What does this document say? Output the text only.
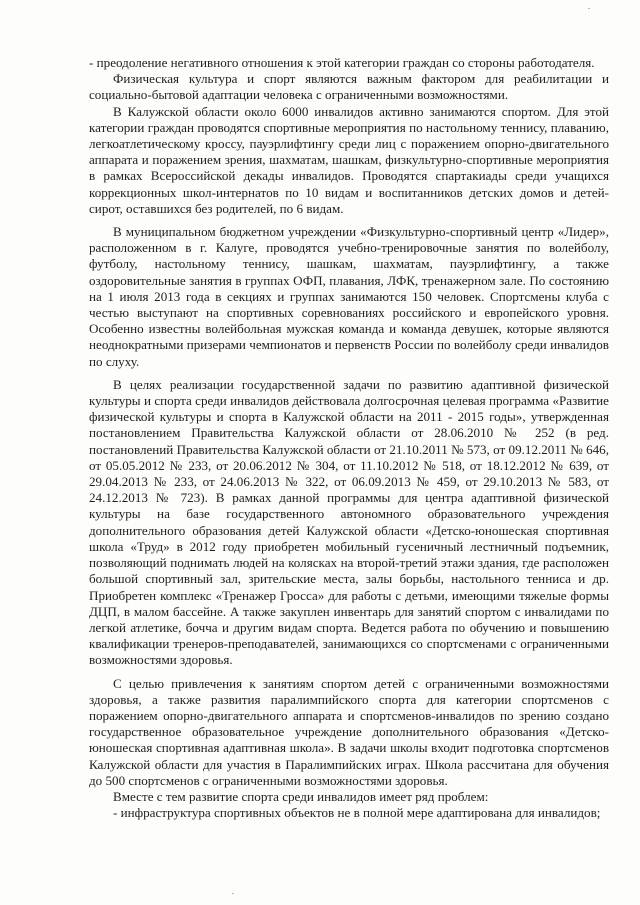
- преодоление негативного отношения к этой категории граждан со стороны работодателя.

Физическая культура и спорт являются важным фактором для реабилитации и социально-бытовой адаптации человека с ограниченными возможностями.

В Калужской области около 6000 инвалидов активно занимаются спортом. Для этой категории граждан проводятся спортивные мероприятия по настольному теннису, плаванию, легкоатлетическому кроссу, пауэрлифтингу среди лиц с поражением опорно-двигательного аппарата и поражением зрения, шахматам, шашкам, физкультурно-спортивные мероприятия в рамках Всероссийской декады инвалидов. Проводятся спартакиады среди учащихся коррекционных школ-интернатов по 10 видам и воспитанников детских домов и детей-сирот, оставшихся без родителей, по 6 видам.

В муниципальном бюджетном учреждении «Физкультурно-спортивный центр «Лидер», расположенном в г. Калуге, проводятся учебно-тренировочные занятия по волейболу, футболу, настольному теннису, шашкам, шахматам, пауэрлифтингу, а также оздоровительные занятия в группах ОФП, плавания, ЛФК, тренажерном зале. По состоянию на 1 июля 2013 года в секциях и группах занимаются 150 человек. Спортсмены клуба с честью выступают на спортивных соревнованиях российского и европейского уровня. Особенно известны волейбольная мужская команда и команда девушек, которые являются неоднократными призерами чемпионатов и первенств России по волейболу среди инвалидов по слуху.

В целях реализации государственной задачи по развитию адаптивной физической культуры и спорта среди инвалидов действовала долгосрочная целевая программа «Развитие физической культуры и спорта в Калужской области на 2011 - 2015 годы», утвержденная постановлением Правительства Калужской области от 28.06.2010 № 252 (в ред. постановлений Правительства Калужской области от 21.10.2011 № 573, от 09.12.2011 № 646, от 05.05.2012 № 233, от 20.06.2012 № 304, от 11.10.2012 № 518, от 18.12.2012 № 639, от 29.04.2013 № 233, от 24.06.2013 № 322, от 06.09.2013 № 459, от 29.10.2013 № 583, от 24.12.2013 № 723). В рамках данной программы для центра адаптивной физической культуры на базе государственного автономного образовательного учреждения дополнительного образования детей Калужской области «Детско-юношеская спортивная школа «Труд» в 2012 году приобретен мобильный гусеничный лестничный подъемник, позволяющий поднимать людей на колясках на второй-третий этажи здания, где расположен большой спортивный зал, зрительские места, залы борьбы, настольного тенниса и др. Приобретен комплекс «Тренажер Гросса» для работы с детьми, имеющими тяжелые формы ДЦП, в малом бассейне. А также закуплен инвентарь для занятий спортом с инвалидами по легкой атлетике, боччa и другим видам спорта. Ведется работа по обучению и повышению квалификации тренеров-преподавателей, занимающихся со спортсменами с ограниченными возможностями здоровья.

С целью привлечения к занятиям спортом детей с ограниченными возможностями здоровья, а также развития паралимпийского спорта для категории спортсменов с поражением опорно-двигательного аппарата и спортсменов-инвалидов по зрению создано государственное образовательное учреждение дополнительного образования «Детско-юношеская спортивная адаптивная школа». В задачи школы входит подготовка спортсменов Калужской области для участия в Паралимпийских играх. Школа рассчитана для обучения до 500 спортсменов с ограниченными возможностями здоровья.

Вместе с тем развитие спорта среди инвалидов имеет ряд проблем:

- инфраструктура спортивных объектов не в полной мере адаптирована для инвалидов;
